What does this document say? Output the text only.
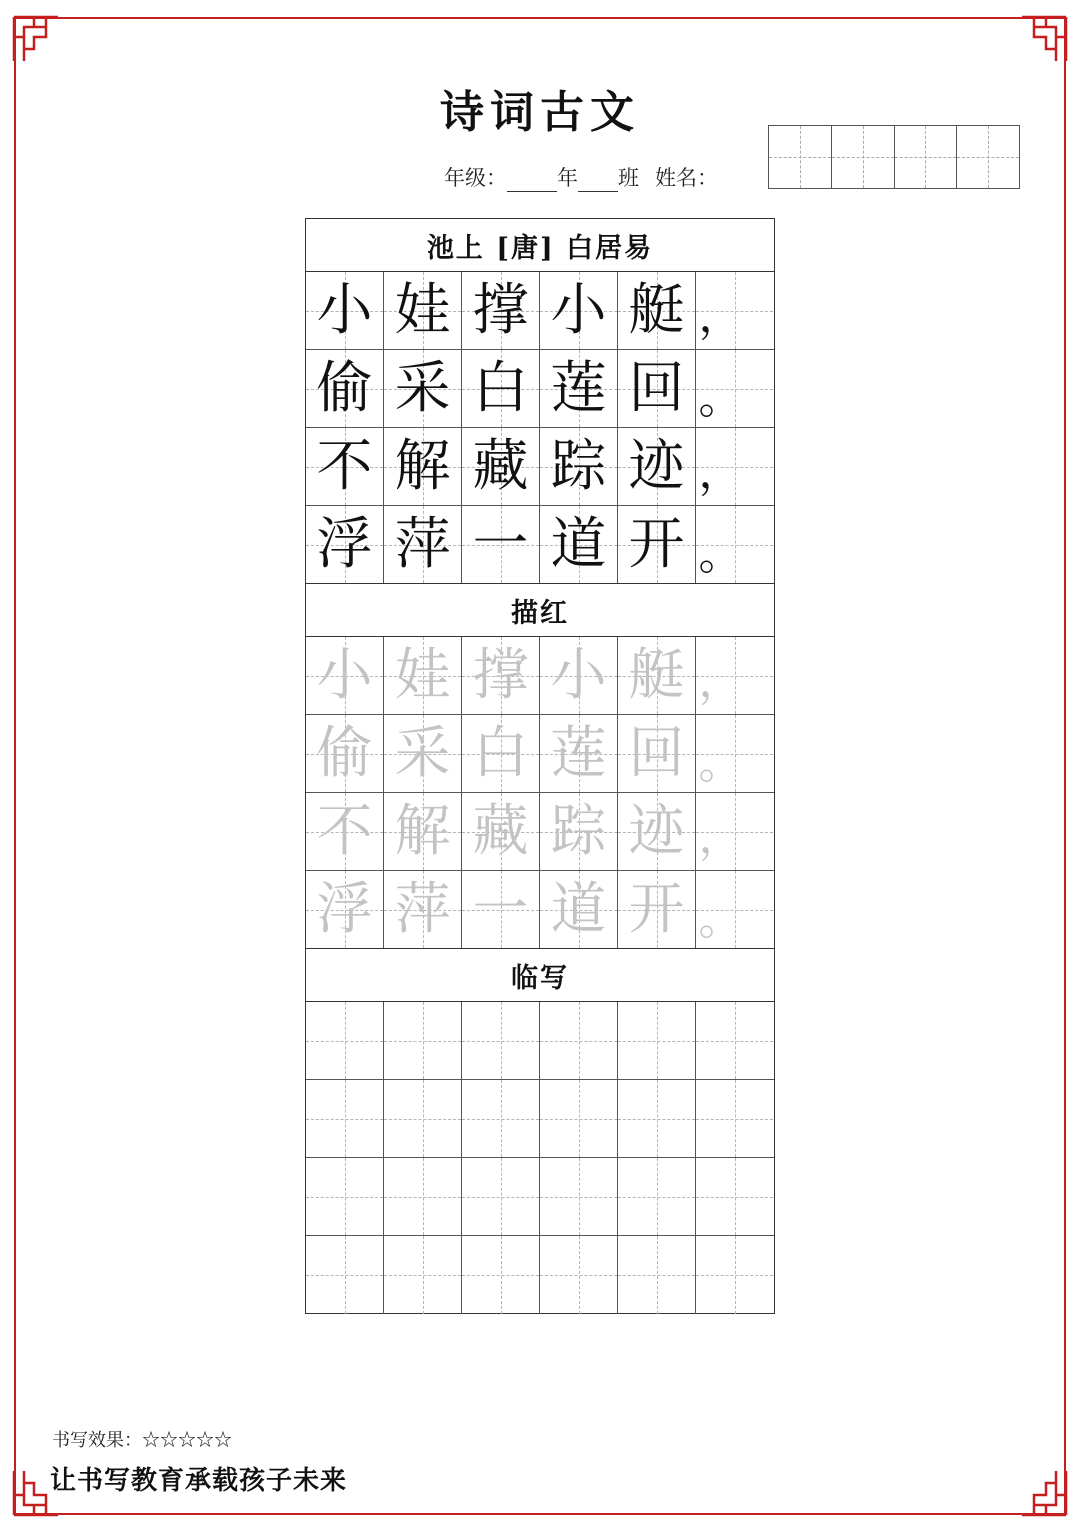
诗词古文
年级： 年 班 姓名：
池上 [唐] 白居易
小 娃 撑 小 艇 ，
偷 采 白 莲 回 。
不 解 藏 踪 迹 ，
浮 萍 一 道 开 。
描红
小 娃 撑 小 艇 ，
偷 采 白 莲 回 。
不 解 藏 踪 迹 ，
浮 萍 一 道 开 。
临写
书写效果：☆☆☆☆☆
让书写教育承载孩子未来
